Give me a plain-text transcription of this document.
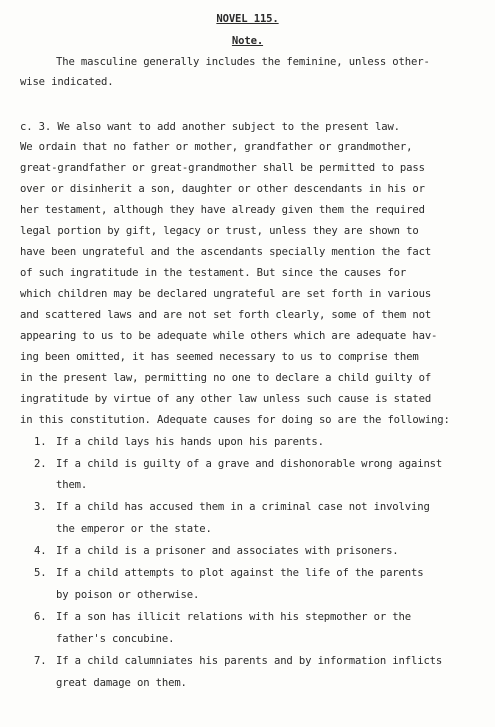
NOVEL 115.
Note.
The masculine generally includes the feminine, unless other-
wise indicated.
c. 3. We also want to add another subject to the present law.
We ordain that no father or mother, grandfather or grandmother,
great-grandfather or great-grandmother shall be permitted to pass
over or disinherit a son, daughter or other descendants in his or
her testament, although they have already given them the required
legal portion by gift, legacy or trust, unless they are shown to
have been ungrateful and the ascendants specially mention the fact
of such ingratitude in the testament. But since the causes for
which children may be declared ungrateful are set forth in various
and scattered laws and are not set forth clearly, some of them not
appearing to us to be adequate while others which are adequate hav-
ing been omitted, it has seemed necessary to us to comprise them
in the present law, permitting no one to declare a child guilty of
ingratitude by virtue of any other law unless such cause is stated
in this constitution. Adequate causes for doing so are the following:
1. If a child lays his hands upon his parents.
2. If a child is guilty of a grave and dishonorable wrong against
them.
3. If a child has accused them in a criminal case not involving
the emperor or the state.
4. If a child is a prisoner and associates with prisoners.
5. If a child attempts to plot against the life of the parents
by poison or otherwise.
6. If a son has illicit relations with his stepmother or the
father's concubine.
7. If a child calumniates his parents and by information inflicts
great damage on them.
